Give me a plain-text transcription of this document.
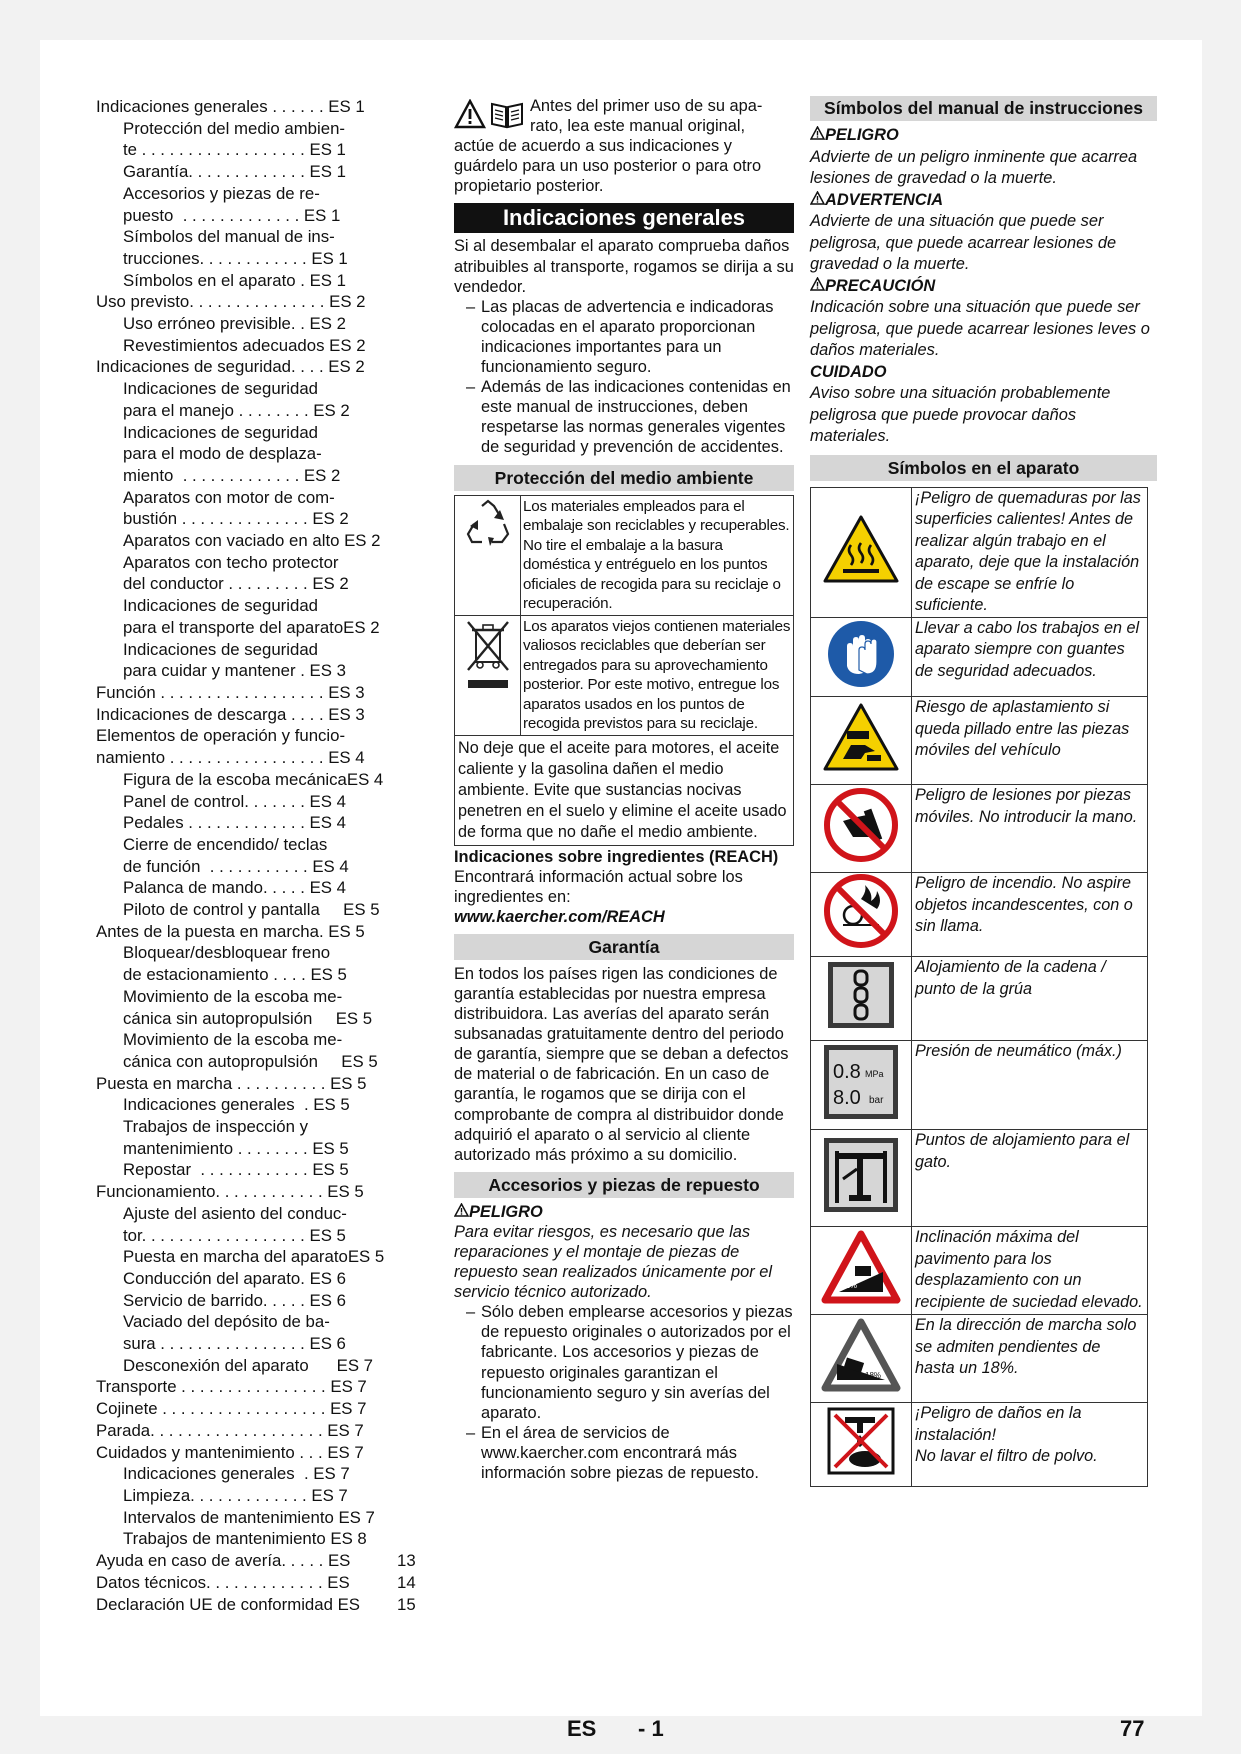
Indicaciones generales . . . . . . ES 1
Protección del medio ambien-
te . . . . . . . . . . . . . . . . . . ES 1
Garantía. . . . . . . . . . . . . ES 1
Accesorios y piezas de re-
puesto  . . . . . . . . . . . . . ES 1
Símbolos del manual de ins-
trucciones. . . . . . . . . . . . ES 1
Símbolos en el aparato . ES 1
Uso previsto. . . . . . . . . . . . . . . ES 2
Uso erróneo previsible. . ES 2
Revestimientos adecuados ES 2
Indicaciones de seguridad. . . . ES 2
Indicaciones de seguridad
para el manejo . . . . . . . . ES 2
Indicaciones de seguridad
para el modo de desplaza-
miento  . . . . . . . . . . . . . ES 2
Aparatos con motor de com-
bustión . . . . . . . . . . . . . . ES 2
Aparatos con vaciado en alto ES 2
Aparatos con techo protector
del conductor . . . . . . . . . ES 2
Indicaciones de seguridad
para el transporte del aparatoES 2
Indicaciones de seguridad
para cuidar y mantener . ES 3
Función . . . . . . . . . . . . . . . . . . ES 3
Indicaciones de descarga . . . . ES 3
Elementos de operación y funcio-
namiento . . . . . . . . . . . . . . . . . ES 4
Figura de la escoba mecánicaES 4
Panel de control. . . . . . . ES 4
Pedales . . . . . . . . . . . . . ES 4
Cierre de encendido/ teclas
de función  . . . . . . . . . . . ES 4
Palanca de mando. . . . . ES 4
Piloto de control y pantalla     ES 5
Antes de la puesta en marcha. ES 5
Bloquear/desbloquear freno
de estacionamiento . . . . ES 5
Movimiento de la escoba me-
cánica sin autopropulsión     ES 5
Movimiento de la escoba me-
cánica con autopropulsión     ES 5
Puesta en marcha . . . . . . . . . . ES 5
Indicaciones generales  . ES 5
Trabajos de inspección y
mantenimiento . . . . . . . . ES 5
Repostar  . . . . . . . . . . . . ES 5
Funcionamiento. . . . . . . . . . . . ES 5
Ajuste del asiento del conduc-
tor. . . . . . . . . . . . . . . . . . ES 5
Puesta en marcha del aparatoES 5
Conducción del aparato. ES 6
Servicio de barrido. . . . . ES 6
Vaciado del depósito de ba-
sura . . . . . . . . . . . . . . . . ES 6
Desconexión del aparato      ES 7
Transporte . . . . . . . . . . . . . . . . ES 7
Cojinete . . . . . . . . . . . . . . . . . . ES 7
Parada. . . . . . . . . . . . . . . . . . . ES 7
Cuidados y mantenimiento . . . ES 7
Indicaciones generales  . ES 7
Limpieza. . . . . . . . . . . . . ES 7
Intervalos de mantenimiento ES 7
Trabajos de mantenimiento ES 8
Ayuda en caso de avería. . . . . ES	13
Datos técnicos. . . . . . . . . . . . . ES	14
Declaración UE de conformidad ES 15

Antes del primer uso de su apa-

rato, lea este manual original,

actúe de acuerdo a sus indicaciones y

guárdelo para un uso posterior o para otro

propietario posterior.

Indicaciones generales

Si al desembalar el aparato comprueba daños atribuibles al transporte, rogamos se dirija a su vendedor.

– Las placas de advertencia e indicadoras colocadas en el aparato proporcionan indicaciones importantes para un funcionamiento seguro.

– Además de las indicaciones contenidas en este manual de instrucciones, deben respetarse las normas generales vigentes de seguridad y prevención de accidentes.

Protección del medio ambiente
	Los materiales empleados para el embalaje son reciclables y recuperables. No tire el embalaje a la basura doméstica y entréguelo en los puntos oficiales de recogida para su reciclaje o recuperación.
	Los aparatos viejos contienen materiales valiosos reciclables que deberían ser entregados para su aprovechamiento posterior. Por este motivo, entregue los aparatos usados en los puntos de recogida previstos para su reciclaje.
No deje que el aceite para motores, el aceite caliente y la gasolina dañen el medio ambiente. Evite que sustancias nocivas penetren en el suelo y elimine el aceite usado de forma que no dañe el medio ambiente.	

Indicaciones sobre ingredientes (REACH)

Encontrará información actual sobre los ingredientes en:

www.kaercher.com/REACH

Garantía

En todos los países rigen las condiciones de garantía establecidas por nuestra empresa distribuidora. Las averías del aparato serán subsanadas gratuitamente dentro del periodo de garantía, siempre que se deban a defectos de material o de fabricación. En un caso de garantía, le rogamos que se dirija con el comprobante de compra al distribuidor donde adquirió el aparato o al servicio al cliente autorizado más próximo a su domicilio.

Accesorios y piezas de repuesto

PELIGRO

Para evitar riesgos, es necesario que las reparaciones y el montaje de piezas de repuesto sean realizados únicamente por el servicio técnico autorizado.

– Sólo deben emplearse accesorios y piezas de repuesto originales o autorizados por el fabricante. Los accesorios y piezas de repuesto originales garantizan el funcionamiento seguro y sin averías del aparato.

– En el área de servicios de www.kaercher.com encontrará más información sobre piezas de repuesto.

Símbolos del manual de instrucciones
PELIGRO
Advierte de un peligro inminente que acarrea lesiones de gravedad o la muerte.
ADVERTENCIA
Advierte de una situación que puede ser peligrosa, que puede acarrear lesiones de gravedad o la muerte.
PRECAUCIÓN
Indicación sobre una situación que puede ser peligrosa, que puede acarrear lesiones leves o daños materiales.
CUIDADO
Aviso sobre una situación probablemente peligrosa que puede provocar daños materiales.
Símbolos en el aparato
	¡Peligro de quemaduras por las superficies calientes! Antes de realizar algún trabajo en el aparato, deje que la instalación de escape se enfríe lo suficiente.
	Llevar a cabo los trabajos en el aparato siempre con guantes de seguridad adecuados.
	Riesgo de aplastamiento si queda pillado entre las piezas móviles del vehículo
	Peligro de lesiones por piezas móviles. No introducir la mano.
	Peligro de incendio. No aspire objetos incandescentes, con o sin llama.
	Alojamiento de la cadena / punto de la grúa

0.8 MPa
8.0 bar	Presión de neumático (máx.)
	Puntos de alojamiento para el gato.

12%	Inclinación máxima del pavimento para los desplazamiento con un recipiente de suciedad elevado.

18%	En la dirección de marcha solo se admiten pendientes de hasta un 18%.
	¡Peligro de daños en la instalación!
No lavar el filtro de polvo.
ES - 1	77
